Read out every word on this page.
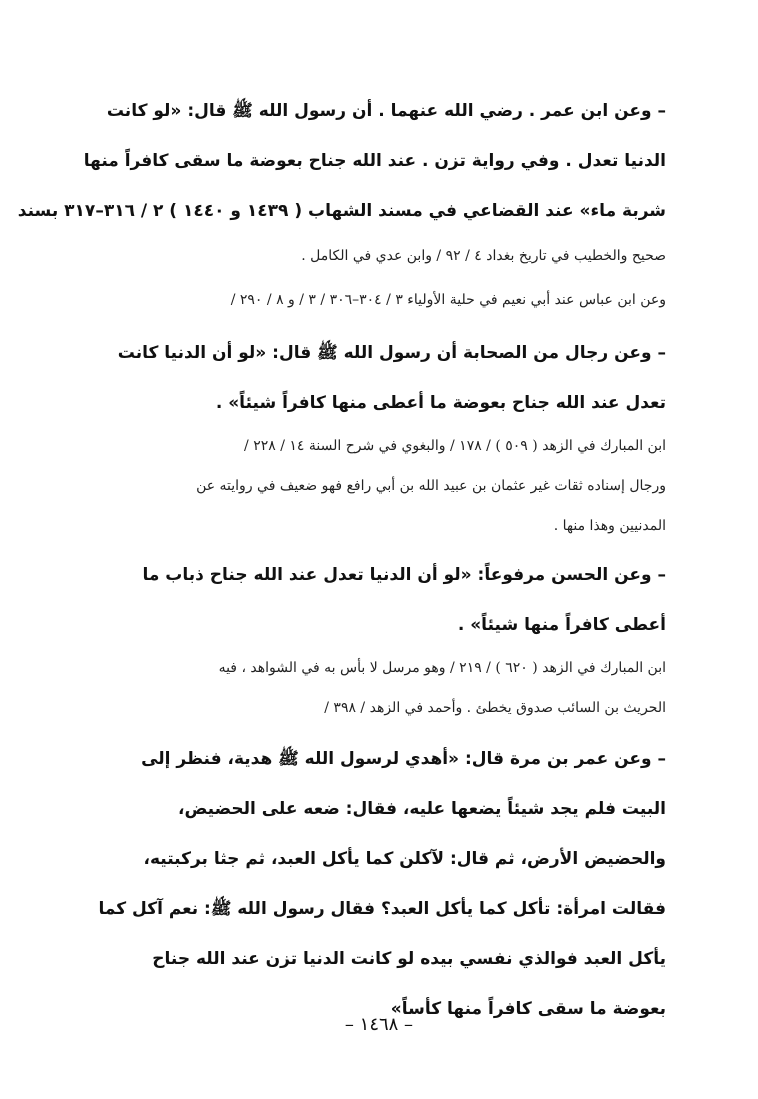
– وعن ابن عمر . رضي الله عنهما . أن رسول الله ﷺ قال: «لو كانت
الدنيا تعدل . وفي رواية تزن . عند الله جناح بعوضة ما سقى كافراً منها
شربة ماء» عند القضاعي في مسند الشهاب ( ١٤٣٩ و ١٤٤٠ ) ٢ / ٣١٦–٣١٧ بسند
صحيح والخطيب في تاريخ بغداد ٤ / ٩٢ / وابن عدي في الكامل .
وعن ابن عباس عند أبي نعيم في حلية الأولياء ٣ / ٣٠٤–٣٠٦ / ٣ / و ٨ / ٢٩٠ /
– وعن رجال من الصحابة أن رسول الله ﷺ قال: «لو أن الدنيا كانت
تعدل عند الله جناح بعوضة ما أعطى منها كافراً شيئاً» .
ابن المبارك في الزهد ( ٥٠٩ ) / ١٧٨ / والبغوي في شرح السنة ١٤ / ٢٢٨ /
ورجال إسناده ثقات غير عثمان بن عبيد الله بن أبي رافع فهو ضعيف في روايته عن
المدنيين وهذا منها .
– وعن الحسن مرفوعاً: «لو أن الدنيا تعدل عند الله جناح ذباب ما
أعطى كافراً منها شيئاً» .
ابن المبارك في الزهد ( ٦٢٠ ) / ٢١٩ / وهو مرسل لا بأس به في الشواهد ، فيه
الحريث بن السائب صدوق يخطئ . وأحمد في الزهد / ٣٩٨ /
– وعن عمر بن مرة قال: «أهدي لرسول الله ﷺ هدية، فنظر إلى
البيت فلم يجد شيئاً يضعها عليه، فقال: ضعه على الحضيض،
والحضيض الأرض، ثم قال: لآكلن كما يأكل العبد، ثم جثا بركبتيه،
فقالت امرأة: تأكل كما يأكل العبد؟ فقال رسول الله ﷺ: نعم آكل كما
يأكل العبد فوالذي نفسي بيده لو كانت الدنيا تزن عند الله جناح
بعوضة ما سقى كافراً منها كأساً»
– ١٤٦٨ –
